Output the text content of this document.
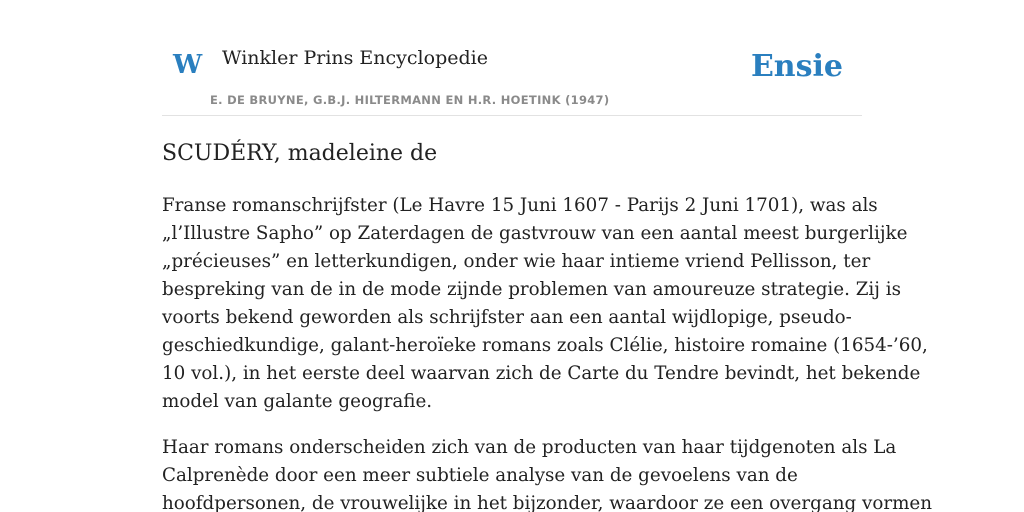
W Winkler Prins Encyclopedie
E. DE BRUYNE, G.B.J. HILTERMANN EN H.R. HOETINK (1947)
Ensie
SCUDÉRY, madeleine de

Franse romanschrijfster (Le Havre 15 Juni 1607 - Parijs 2 Juni 1701), was als
„l’Illustre Sapho” op Zaterdagen de gastvrouw van een aantal meest burgerlijke
„précieuses” en letterkundigen, onder wie haar intieme vriend Pellisson, ter
bespreking van de in de mode zijnde problemen van amoureuze strategie. Zij is
voorts bekend geworden als schrijfster aan een aantal wijdlopige, pseudo-
geschiedkundige, galant-heroïeke romans zoals Clélie, histoire romaine (1654-’60,
10 vol.), in het eerste deel waarvan zich de Carte du Tendre bevindt, het bekende
model van galante geografie.

Haar romans onderscheiden zich van de producten van haar tijdgenoten als La
Calprenède door een meer subtiele analyse van de gevoelens van de
hoofdpersonen, de vrouwelijke in het bijzonder, waardoor ze een overgang vormen
